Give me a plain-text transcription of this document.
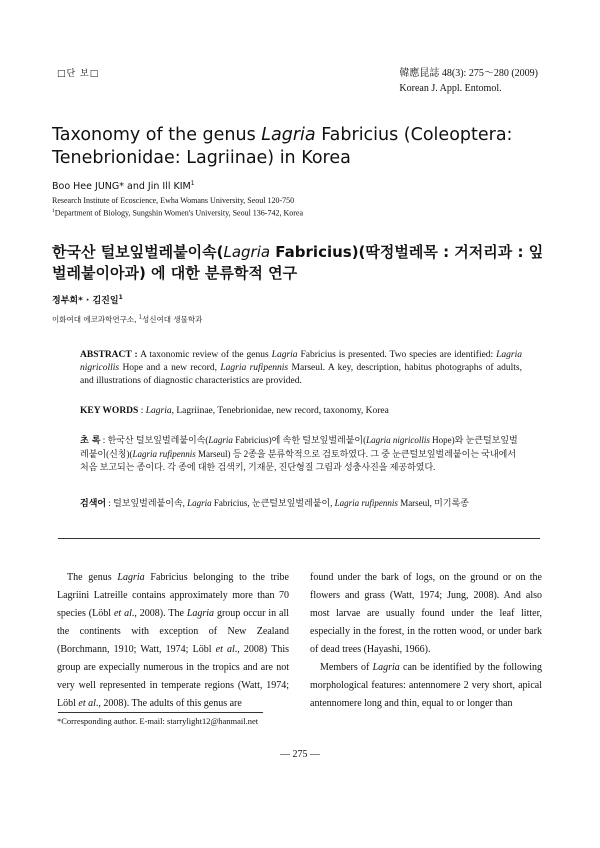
□단 보□	韓應昆誌 48(3): 275～280 (2009)
Korean J. Appl. Entomol.
Taxonomy of the genus Lagria Fabricius (Coleoptera: Tenebrionidae: Lagriinae) in Korea
Boo Hee JUNG* and Jin Ill KIM$^1$
Research Institute of Ecoscience, Ewha Womans University, Seoul 120-750
$^1$Department of Biology, Sungshin Women's University, Seoul 136-742, Korea
한국산 털보잎벌레붙이속(Lagria Fabricius)(딱정벌레목 : 거저리과 : 잎벌레붙이아과) 에 대한 분류학적 연구
정부희* · 김진일$^1$
이화여대 에코과학연구소, $^1$성신여대 생물학과
ABSTRACT : A taxonomic review of the genus Lagria Fabricius is presented. Two species are identified: Lagria nigricollis Hope and a new record, Lagria rufipennis Marseul. A key, description, habitus photographs of adults, and illustrations of diagnostic characteristics are provided.
KEY WORDS : Lagria, Lagriinae, Tenebrionidae, new record, taxonomy, Korea
초 록 : 한국산 털보잎벌레붙이속(Lagria Fabricius)에 속한 털보잎벌레붙이(Lagria nigricollis Hope)와 눈큰털보잎벌레붙이(신칭)(Lagria rufipennis Marseul) 등 2종을 분류학적으로 검토하였다. 그 중 눈큰털보잎벌레붙이는 국내에서 처음 보고되는 종이다. 각 종에 대한 검색키, 기재문, 진단형질 그림과 성충사진을 제공하였다.
검색어 : 털보잎벌레붙이속, Lagria Fabricius, 눈큰털보잎벌레붙이, Lagria rufipennis Marseul, 미기록종
The genus Lagria Fabricius belonging to the tribe Lagriini Latreille contains approximately more than 70 species (Löbl et al., 2008). The Lagria group occur in all the continents with exception of New Zealand (Borchmann, 1910; Watt, 1974; Löbl et al., 2008) This group are expecially numerous in the tropics and are not very well represented in temperate regions (Watt, 1974; Löbl et al., 2008). The adults of this genus are
found under the bark of logs, on the ground or on the flowers and grass (Watt, 1974; Jung, 2008). And also most larvae are usually found under the leaf litter, especially in the forest, in the rotten wood, or under bark of dead trees (Hayashi, 1966).
Members of Lagria can be identified by the following morphological features: antennomere 2 very short, apical antennomere long and thin, equal to or longer than
*Corresponding author. E-mail: starrylight12@hanmail.net
— 275 —
